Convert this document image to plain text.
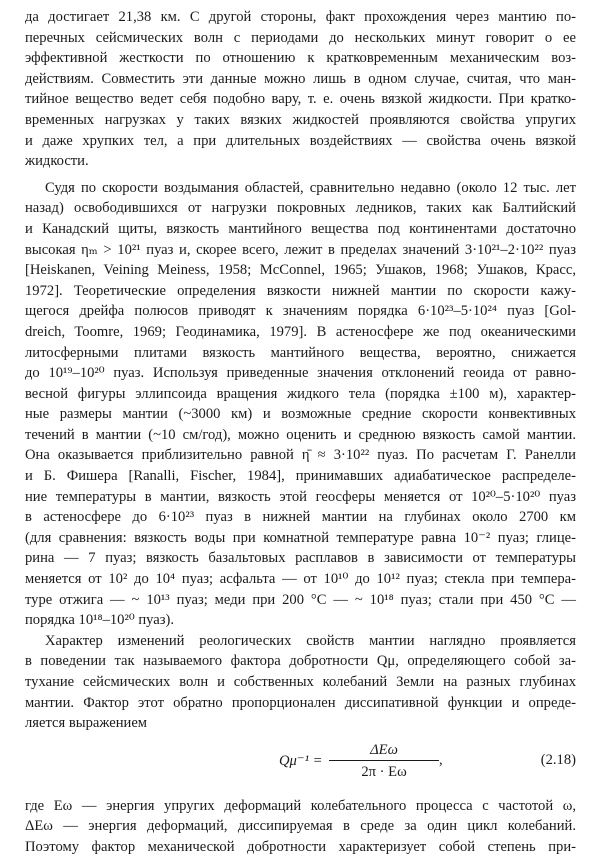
да достигает 21,38 км. С другой стороны, факт прохождения через мантию по-
перечных сейсмических волн с периодами до нескольких минут говорит о ее
эффективной жесткости по отношению к кратковременным механическим воз-
действиям. Совместить эти данные можно лишь в одном случае, считая, что ман-
тийное вещество ведет себя подобно вару, т. е. очень вязкой жидкости. При кратко-
временных нагрузках у таких вязких жидкостей проявляются свойства упругих
и даже хрупких тел, а при длительных воздействиях — свойства очень вязкой
жидкости.
Судя по скорости воздымания областей, сравнительно недавно (около 12 тыс. лет
назад) освободившихся от нагрузки покровных ледников, таких как Балтийский
и Канадский щиты, вязкость мантийного вещества под континентами достаточно
высокая ηₘ > 10²¹ пуаз и, скорее всего, лежит в пределах значений 3·10²¹–2·10²² пуаз
[Heiskanen, Veining Meiness, 1958; McConnel, 1965; Ушаков, 1968; Ушаков, Красс,
1972]. Теоретические определения вязкости нижней мантии по скорости кажу-
щегося дрейфа полюсов приводят к значениям порядка 6·10²³–5·10²⁴ пуаз [Gol-
dreich, Toomre, 1969; Геодинамика, 1979]. В астеносфере же под океаническими
литосферными плитами вязкость мантийного вещества, вероятно, снижается
до 10¹⁹–10²⁰ пуаз. Используя приведенные значения отклонений геоида от равно-
весной фигуры эллипсоида вращения жидкого тела (порядка ±100 м), характер-
ные размеры мантии (~3000 км) и возможные средние скорости конвективных
течений в мантии (~10 см/год), можно оценить и среднюю вязкость самой мантии.
Она оказывается приблизительно равной η̄ ≈ 3·10²² пуаз. По расчетам Г. Ранелли
и Б. Фишера [Ranalli, Fischer, 1984], принимавших адиабатическое распределе-
ние температуры в мантии, вязкость этой геосферы меняется от 10²⁰–5·10²⁰ пуаз
в астеносфере до 6·10²³ пуаз в нижней мантии на глубинах около 2700 км
(для сравнения: вязкость воды при комнатной температуре равна 10⁻² пуаз; глице-
рина — 7 пуаз; вязкость базальтовых расплавов в зависимости от температуры
меняется от 10² до 10⁴ пуаз; асфальта — от 10¹⁰ до 10¹² пуаз; стекла при темпера-
туре отжига — ~ 10¹³ пуаз; меди при 200 °С — ~ 10¹⁸ пуаз; стали при 450 °С —
порядка 10¹⁸–10²⁰ пуаз).
Характер изменений реологических свойств мантии наглядно проявляется
в поведении так называемого фактора добротности Qμ, определяющего собой за-
тухание сейсмических волн и собственных колебаний Земли на разных глубинах
мантии. Фактор этот обратно пропорционален диссипативной функции и опреде-
ляется выражением
Qμ⁻¹ =
ΔEω
2π · Eω
,	(2.18)
где Eω — энергия упругих деформаций колебательного процесса с частотой ω,
ΔEω — энергия деформаций, диссипируемая в среде за один цикл колебаний.
Поэтому фактор механической добротности характеризует собой степень при-
